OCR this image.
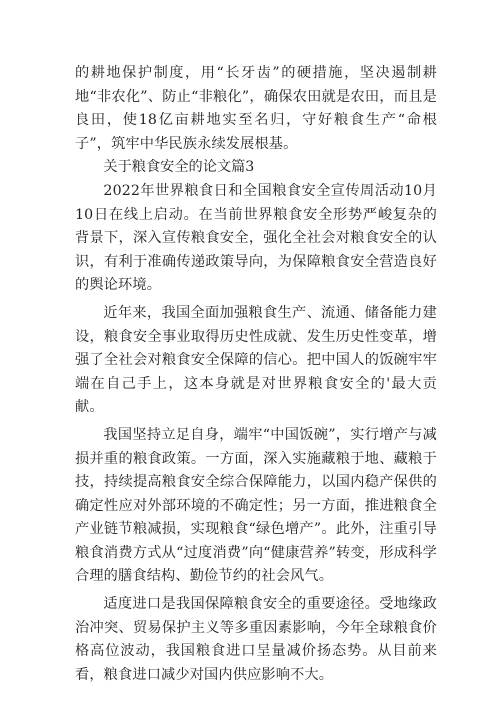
的耕地保护制度，用“长牙齿”的硬措施，坚决遏制耕地“非农化”、防止“非粮化”，确保农田就是农田，而且是良田，使18亿亩耕地实至名归，守好粮食生产“命根子”，筑牢中华民族永续发展根基。

关于粮食安全的论文篇3

2022年世界粮食日和全国粮食安全宣传周活动10月10日在线上启动。在当前世界粮食安全形势严峻复杂的背景下，深入宣传粮食安全，强化全社会对粮食安全的认识，有利于准确传递政策导向，为保障粮食安全营造良好的舆论环境。

近年来，我国全面加强粮食生产、流通、储备能力建设，粮食安全事业取得历史性成就、发生历史性变革，增强了全社会对粮食安全保障的信心。把中国人的饭碗牢牢端在自己手上，这本身就是对世界粮食安全的'最大贡献。

我国坚持立足自身，端牢“中国饭碗”，实行增产与减损并重的粮食政策。一方面，深入实施藏粮于地、藏粮于技，持续提高粮食安全综合保障能力，以国内稳产保供的确定性应对外部环境的不确定性；另一方面，推进粮食全产业链节粮减损，实现粮食“绿色增产”。此外，注重引导粮食消费方式从“过度消费”向“健康营养”转变，形成科学合理的膳食结构、勤俭节约的社会风气。

适度进口是我国保障粮食安全的重要途径。受地缘政治冲突、贸易保护主义等多重因素影响，今年全球粮食价格高位波动，我国粮食进口呈量减价扬态势。从目前来看，粮食进口减少对国内供应影响不大。
